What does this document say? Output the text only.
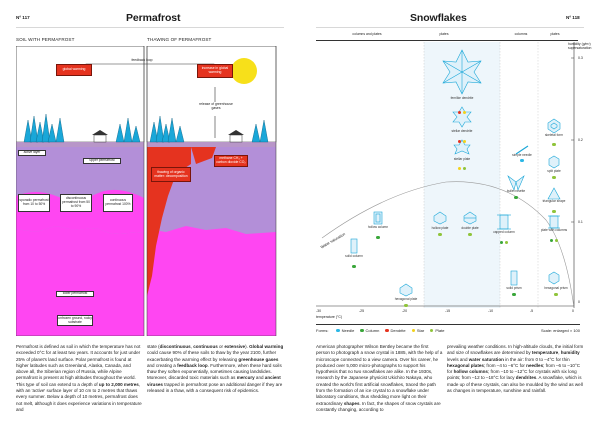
Nº 117	Permafrost
SOIL WITH PERMAFROST	THAWING OF PERMAFROST
feedback loop
global warming	increase in global warming
release of greenhouse gases
active layer
upper permafrost
sporadic permafrost from 10 to 50%
discontinuous permafrost from 50 to 90%
continuous permafrost 100%
lower permafrost
unfrozen ground, rocky substrate
thawing of organic matter: decomposition
methane CH₄ + carbon dioxide CO₂
Permafrost is defined as soil in which the temperature has not exceeded 0°C for at least two years. It accounts for just under 25% of planet's land surface. Polar permafrost is found at higher latitudes such as Greenland, Alaska, Canada, and above all, the Siberian region of Russia, while Alpine permafrost is present at high altitudes throughout the world. This type of soil can extend to a depth of up to 2,000 metres, with an 'active' surface layer of 10 cm to 2 metres that thaws every summer. Below a depth of 10 metres, permafrost does not melt, although it does experience variations in temperature and
state (discontinuous, continuous or extensive). Global warming could cause 90% of these soils to thaw by the year 2100, further exacerbating the warming effect by releasing greenhouse gases and creating a feedback loop. Furthermore, when these hard soils thaw they soften exponentially, sometimes causing landslides. Moreover, discarded toxic materials such as mercury and ancient viruses trapped in permafrost pose an additional danger if they are released in a thaw, with a consequent risk of epidemics.
Snowflakes	Nº 118
columns and plates	plates	columns	plates
humidity (g/m³) supersaturation
fernlike dendrite
stellar dendrite
stellar plate
simple needle
skeletal form
split plate
triangular shape
plate with columns
bullet rosette
capped column
hollow plate	double plate
hollow column
solid column
hexagonal plate
solid prism	hexagonal prism
Water saturation
0.3
0.2
0.1
0
-30	-25	-20	-15	-10	-5	0
temperature (°C)
Forms:	Needle	Column	Dendrite	Star	Plate	Scale: enlarged × 100
American photographer Wilson Bentley became the first person to photograph a snow crystal in 1885, with the help of a microscope connected to a view camera. Over his career, he produced over 5,000 micro-photographs to support his hypothesis that no two snowflakes are alike. In the 1930s, research by the Japanese physicist Ukichiro Nakaya, who created the world's first artificial snowflakes, traced the path from the formation of an ice crystal to a snowflake under laboratory conditions, thus shedding more light on their extraordinary shapes. In fact, the shapes of snow crystals are constantly changing, according to
prevailing weather conditions. In high-altitude clouds, the initial form and size of snowflakes are determined by temperature, humidity levels and water saturation in the air: from 0 to –4°C for thin hexagonal plates; from –4 to –6°C for needles; from –6 to –10°C for hollow columns; from –10 to –12°C for crystals with six long points; from –12 to –18°C for lacy dendrites. A snowflake, which is made up of these crystals, can also be moulded by the wind as well as changes in temperature, sunshine and rainfall.
